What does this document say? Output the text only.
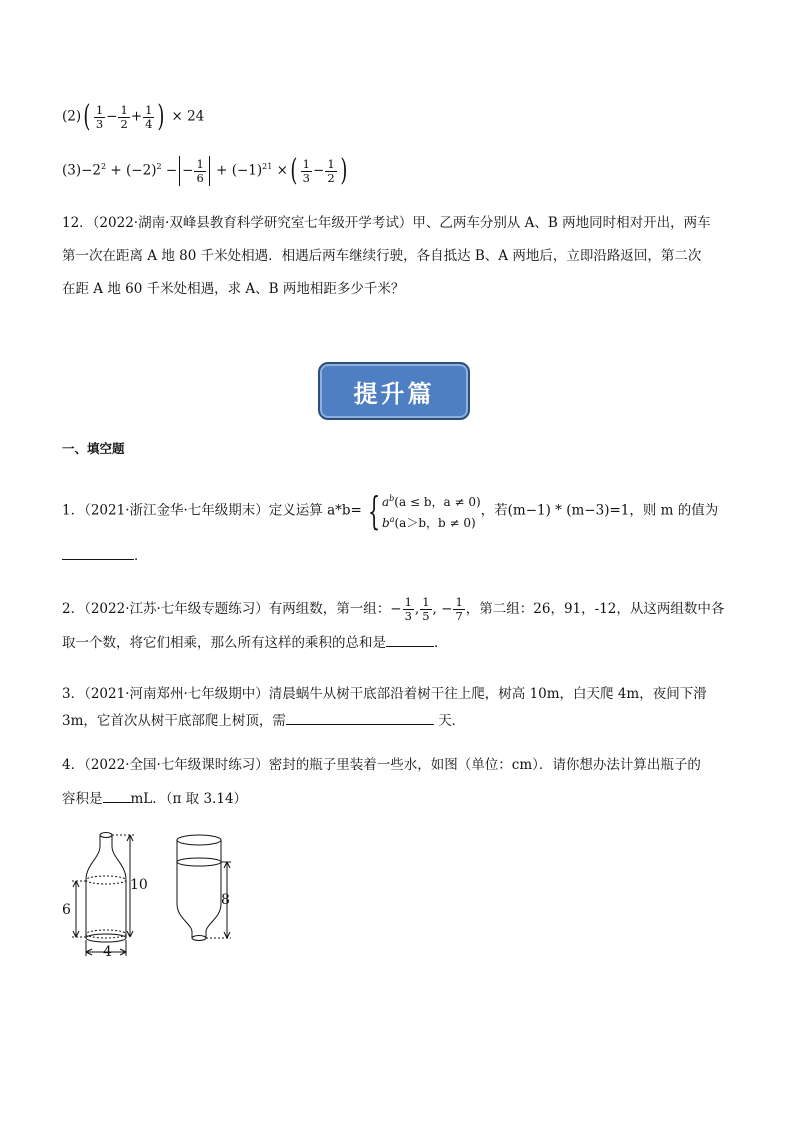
$(2)( \frac{1}{3} - \frac{1}{2} + \frac{1}{4}$ ) × 24
$(3)-2^2 + (-2)^2$ − − $\frac{1}{6} + (-1)^{21}$ ×( $\frac{1}{3} - \frac{1}{2}$ )
12．（2022·湖南·双峰县教育科学研究室七年级开学考试）甲、乙两车分别从 A、B 两地同时相对开出，两车
第一次在距离 A 地 80 千米处相遇．相遇后两车继续行驶，各自抵达 B、A 两地后，立即沿路返回，第二次
在距 A 地 60 千米处相遇，求 A、B 两地相距多少千米？
提升篇
一、填空题
1．（2021·浙江金华·七年级期末）定义运算 a*b= { $a^b(a \le b$，a ≠ 0)
$b^a(a>b$，b ≠ 0)
，若(m−1) * (m−3)=1，则 m 的值为
．
2．（2022·江苏·七年级专题练习）有两组数，第一组：− $\frac{1}{3}$ , $\frac{1}{5}$ , − $\frac{1}{7}$ ，第二组：26，91，-12，从这两组数中各
取一个数，将它们相乘，那么所有这样的乘积的总和是	．
3．（2021·河南郑州·七年级期中）清晨蜗牛从树干底部沿着树干往上爬，树高 10m，白天爬 4m，夜间下滑
3m，它首次从树干底部爬上树顶，需	天．
4．（2022·全国·七年级课时练习）密封的瓶子里装着一些水，如图（单位：cm）．请你想办法计算出瓶子的
容积是 mL．（π 取 3.14）
6
10
4
8
